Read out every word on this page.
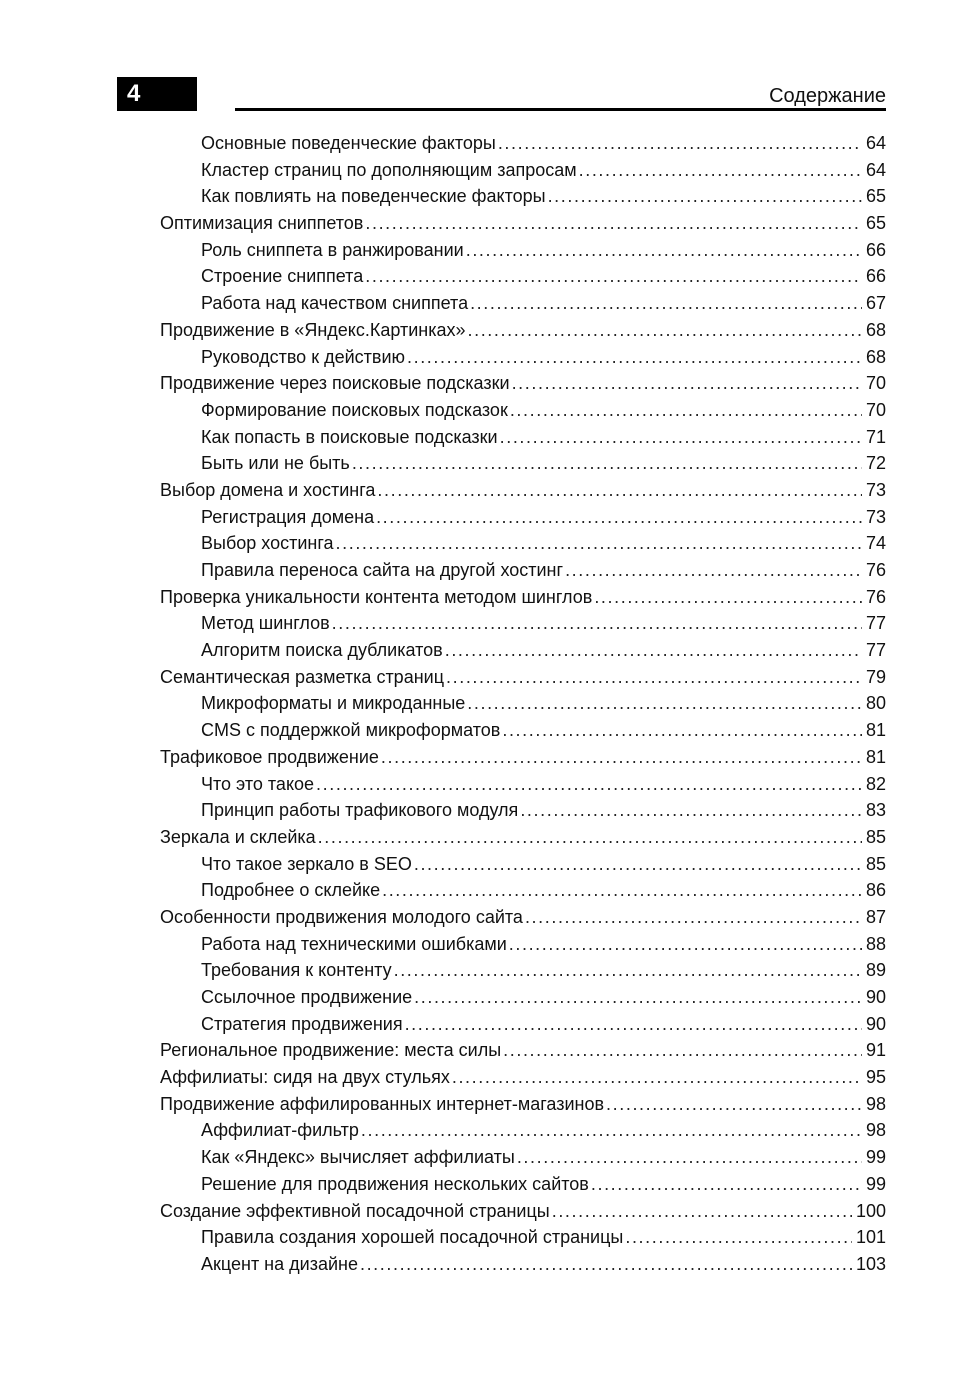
4	Содержание
Основные поведенческие факторы .....	64
Кластер страниц по дополняющим запросам .....	64
Как повлиять на поведенческие факторы .....	65
Оптимизация сниппетов .....	65
Роль сниппета в ранжировании .....	66
Строение сниппета .....	66
Работа над качеством сниппета .....	67
Продвижение в «Яндекс.Картинках» .....	68
Руководство к действию .....	68
Продвижение через поисковые подсказки .....	70
Формирование поисковых подсказок .....	70
Как попасть в поисковые подсказки .....	71
Быть или не быть .....	72
Выбор домена и хостинга .....	73
Регистрация домена .....	73
Выбор хостинга .....	74
Правила переноса сайта на другой хостинг .....	76
Проверка уникальности контента методом шинглов .....	76
Метод шинглов .....	77
Алгоритм поиска дубликатов .....	77
Семантическая разметка страниц .....	79
Микроформаты и микроданные .....	80
CMS с поддержкой микроформатов .....	81
Трафиковое продвижение .....	81
Что это такое .....	82
Принцип работы трафикового модуля .....	83
Зеркала и склейка .....	85
Что такое зеркало в SEO .....	85
Подробнее о склейке .....	86
Особенности продвижения молодого сайта .....	87
Работа над техническими ошибками .....	88
Требования к контенту .....	89
Ссылочное продвижение .....	90
Стратегия продвижения .....	90
Региональное продвижение: места силы .....	91
Аффилиаты: сидя на двух стульях .....	95
Продвижение аффилированных интернет-магазинов .....	98
Аффилиат-фильтр .....	98
Как «Яндекс» вычисляет аффилиаты .....	99
Решение для продвижения нескольких сайтов .....	99
Создание эффективной посадочной страницы .....	100
Правила создания хорошей посадочной страницы .....	101
Акцент на дизайне .....	103
